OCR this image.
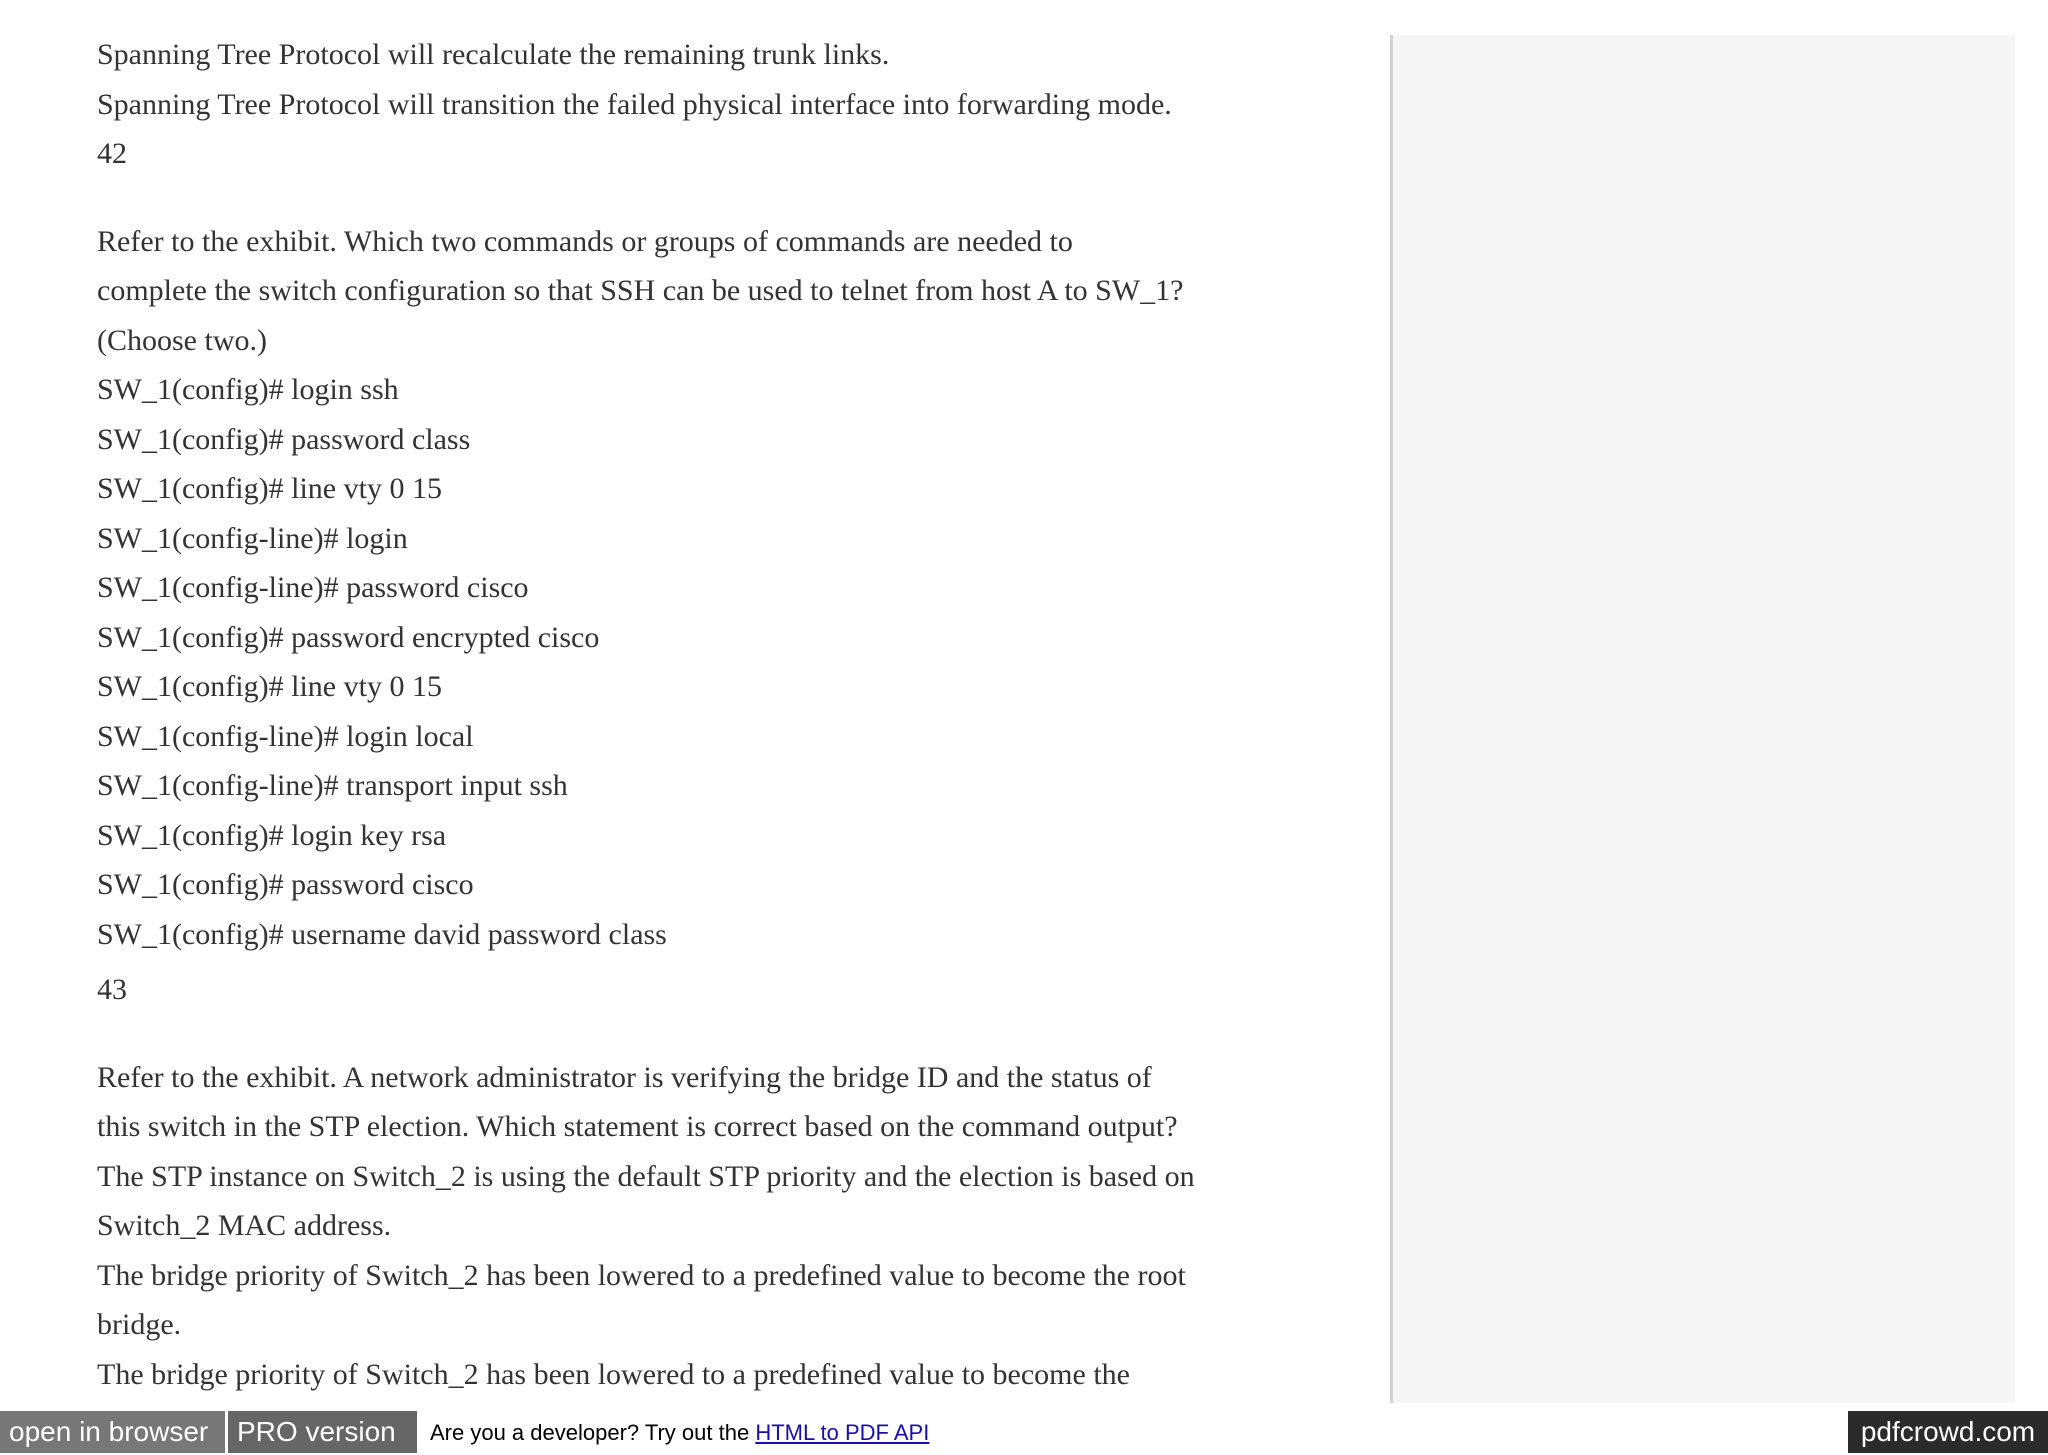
Spanning Tree Protocol will recalculate the remaining trunk links.
Spanning Tree Protocol will transition the failed physical interface into forwarding mode.
42
Refer to the exhibit. Which two commands or groups of commands are needed to
complete the switch configuration so that SSH can be used to telnet from host A to SW_1?
(Choose two.)
SW_1(config)# login ssh
SW_1(config)# password class
SW_1(config)# line vty 0 15
SW_1(config-line)# login
SW_1(config-line)# password cisco
SW_1(config)# password encrypted cisco
SW_1(config)# line vty 0 15
SW_1(config-line)# login local
SW_1(config-line)# transport input ssh
SW_1(config)# login key rsa
SW_1(config)# password cisco
SW_1(config)# username david password class
43
Refer to the exhibit. A network administrator is verifying the bridge ID and the status of
this switch in the STP election. Which statement is correct based on the command output?
The STP instance on Switch_2 is using the default STP priority and the election is based on
Switch_2 MAC address.
The bridge priority of Switch_2 has been lowered to a predefined value to become the root
bridge.
The bridge priority of Switch_2 has been lowered to a predefined value to become the
open in browser	PRO version	Are you a developer? Try out the HTML to PDF API	pdfcrowd.com
